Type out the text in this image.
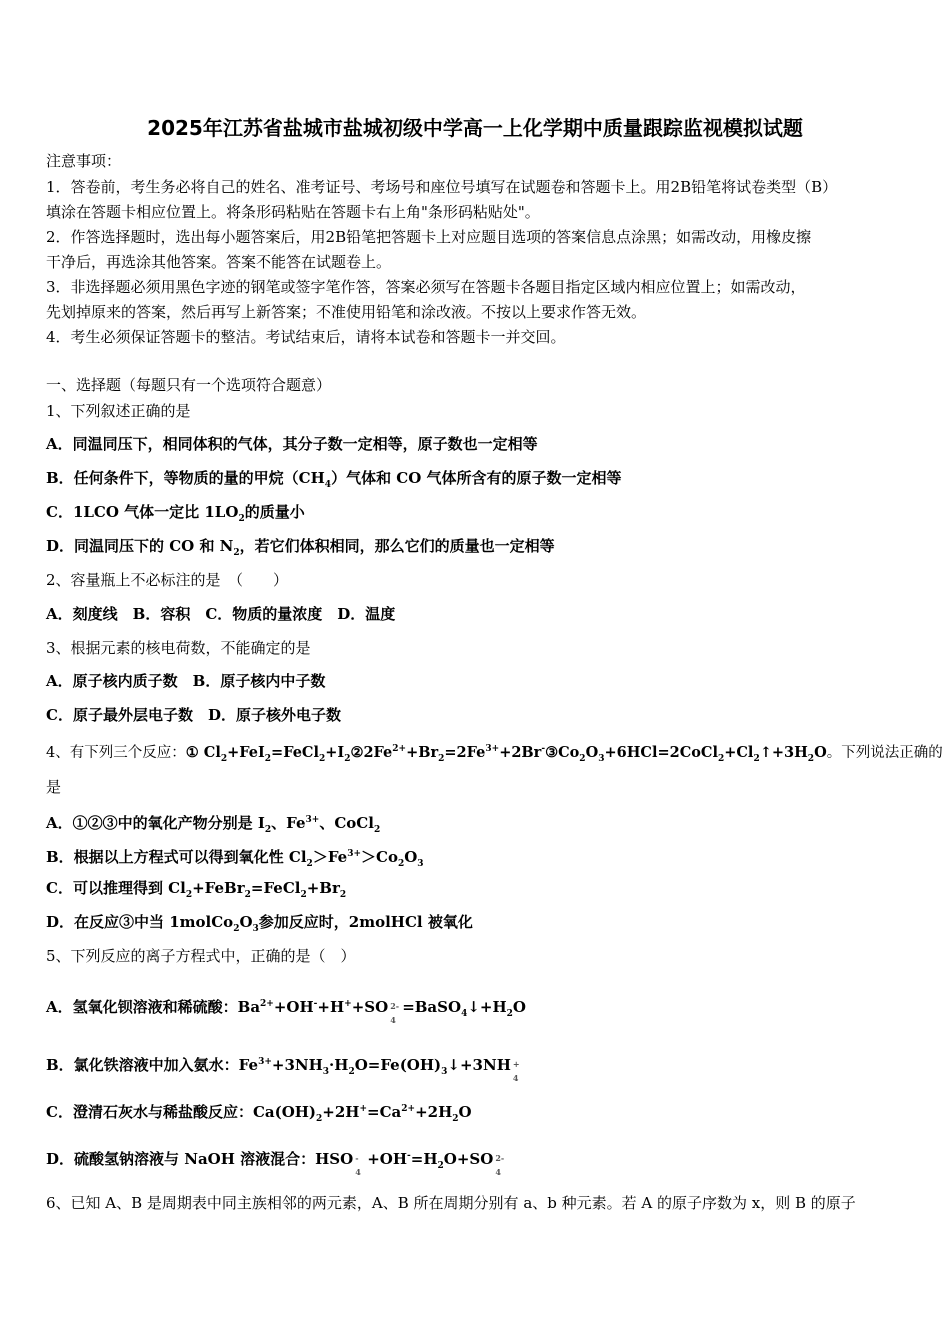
2025年江苏省盐城市盐城初级中学高一上化学期中质量跟踪监视模拟试题
注意事项：
1．答卷前，考生务必将自己的姓名、准考证号、考场号和座位号填写在试题卷和答题卡上。用2B铅笔将试卷类型（B）
填涂在答题卡相应位置上。将条形码粘贴在答题卡右上角"条形码粘贴处"。
2．作答选择题时，选出每小题答案后，用2B铅笔把答题卡上对应题目选项的答案信息点涂黑；如需改动，用橡皮擦
干净后，再选涂其他答案。答案不能答在试题卷上。
3．非选择题必须用黑色字迹的钢笔或签字笔作答，答案必须写在答题卡各题目指定区域内相应位置上；如需改动，
先划掉原来的答案，然后再写上新答案；不准使用铅笔和涂改液。不按以上要求作答无效。
4．考生必须保证答题卡的整洁。考试结束后，请将本试卷和答题卡一并交回。
一、选择题（每题只有一个选项符合题意）
1、下列叙述正确的是
A．同温同压下，相同体积的气体，其分子数一定相等，原子数也一定相等
B．任何条件下，等物质的量的甲烷$(CH_4)$气体和 CO 气体所含有的原子数一定相等
C．1LCO 气体一定比 $1LO_2$的质量小
D．同温同压下的 CO 和 $N_2$，若它们体积相同，那么它们的质量也一定相等
2、容量瓶上不必标注的是　（　　）
A．刻度线　B．容积　C．物质的量浓度　D．温度
3、根据元素的核电荷数，不能确定的是
A．原子核内质子数　B．原子核内中子数
C．原子最外层电子数　D．原子核外电子数
4、有下列三个反应：① $Cl_2+FeI_2=FeCl_2+I_2②2Fe^{2+}+Br_2=2Fe^{3+}+2Br^-③Co_2O_3+6HCl=2CoCl_2+Cl_2↑+3H_2O$。下列说法正确的
是
A．①②③中的氧化产物分别是 $I_2$、$Fe^{3+}$、CoCl$_2$
B．根据以上方程式可以得到氧化性 $Cl_2>Fe^{3+}>Co_2O_3$
C．可以推理得到 $Cl_2+FeBr_2=FeCl_2+Br_2$
D．在反应③中当 $1molCo_2O_3$参加反应时，2molHCl 被氧化
5、下列反应的离子方程式中，正确的是（　）
A．氢氧化钡溶液和稀硫酸：$Ba^{2+}+OH^-+H^++SO$ 2-
4
$=BaSO_4↓+H_2O$
B．氯化铁溶液中加入氨水：$Fe^{3+}+3NH_3\cdot H_2O=Fe(OH)_3↓+3NH$ +
4
C．澄清石灰水与稀盐酸反应：$Ca(OH)_2+2H^+=Ca^{2+}+2H_2O$
D．硫酸氢钠溶液与 NaOH 溶液混合：HSO -
4
$+OH^-=H_2O+SO$ 2-
4
6、已知 A、B 是周期表中同主族相邻的两元素，A、B 所在周期分别有 a、b 种元素。若 A 的原子序数为 x，则 B 的原子
